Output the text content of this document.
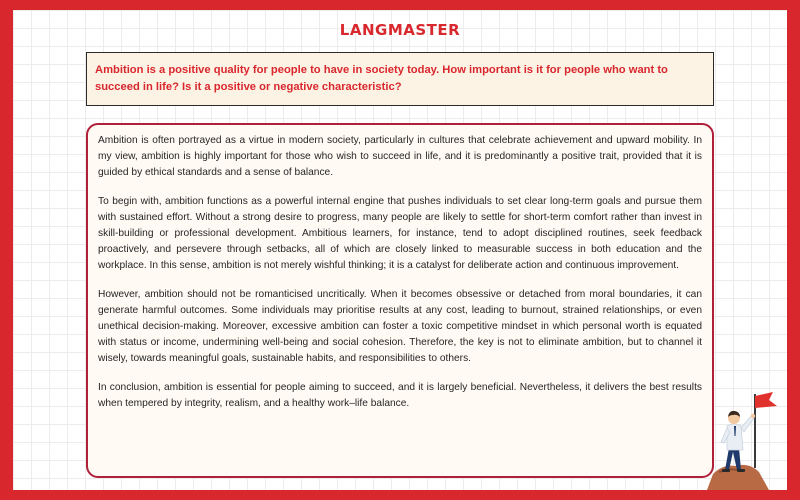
LANGMASTER

Ambition is a positive quality for people to have in society today. How important is it for people who want to succeed in life? Is it a positive or negative characteristic?

Ambition is often portrayed as a virtue in modern society, particularly in cultures that celebrate achievement and upward mobility. In my view, ambition is highly important for those who wish to succeed in life, and it is predominantly a positive trait, provided that it is guided by ethical standards and a sense of balance.

To begin with, ambition functions as a powerful internal engine that pushes individuals to set clear long-term goals and pursue them with sustained effort. Without a strong desire to progress, many people are likely to settle for short-term comfort rather than invest in skill-building or professional development. Ambitious learners, for instance, tend to adopt disciplined routines, seek feedback proactively, and persevere through setbacks, all of which are closely linked to measurable success in both education and the workplace. In this sense, ambition is not merely wishful thinking; it is a catalyst for deliberate action and continuous improvement.

However, ambition should not be romanticised uncritically. When it becomes obsessive or detached from moral boundaries, it can generate harmful outcomes. Some individuals may prioritise results at any cost, leading to burnout, strained relationships, or even unethical decision-making. Moreover, excessive ambition can foster a toxic competitive mindset in which personal worth is equated with status or income, undermining well-being and social cohesion. Therefore, the key is not to eliminate ambition, but to channel it wisely, towards meaningful goals, sustainable habits, and responsibilities to others.

In conclusion, ambition is essential for people aiming to succeed, and it is largely beneficial. Nevertheless, it delivers the best results when tempered by integrity, realism, and a healthy work–life balance.
